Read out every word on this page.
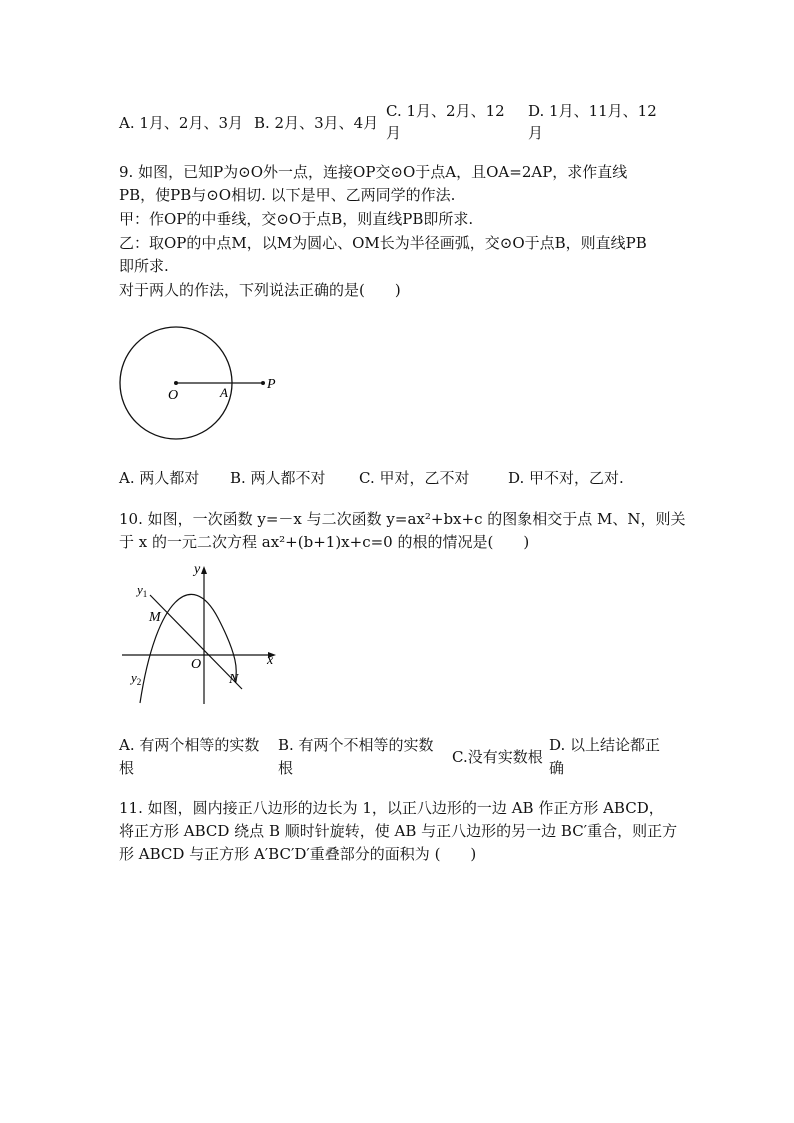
A. 1月、2月、3月 B. 2月、3月、4月
C. 1月、2月、12
月
D. 1月、11月、12
月
9. 如图，已知P为⊙O外一点，连接OP交⊙O于点A，且OA=2AP，求作直线
PB，使PB与⊙O相切. 以下是甲、乙两同学的作法.
甲：作OP的中垂线，交⊙O于点B，则直线PB即所求.
乙：取OP的中点M，以M为圆心、OM长为半径画弧，交⊙O于点B，则直线PB
即所求.
对于两人的作法，下列说法正确的是(　　)
O	A
P
A. 两人都对 B. 两人都不对 C. 甲对，乙不对	D. 甲不对，乙对.
10. 如图，一次函数 y=－x 与二次函数 y=ax²+bx+c 的图象相交于点 M、N，则关
于 x 的一元二次方程 ax²+(b+1)x+c=0 的根的情况是(　　)
$y_1$
M
O	x
y
N
$y_2$
A. 有两个相等的实数
根
B. 有两个不相等的实数
根
C.没有实数根
D. 以上结论都正
确
11. 如图，圆内接正八边形的边长为 1，以正八边形的一边 AB 作正方形 ABCD，
将正方形 ABCD 绕点 B 顺时针旋转，使 AB 与正八边形的另一边 BC′重合，则正方
形 ABCD 与正方形 A′BC′D′重叠部分的面积为 (　　)
